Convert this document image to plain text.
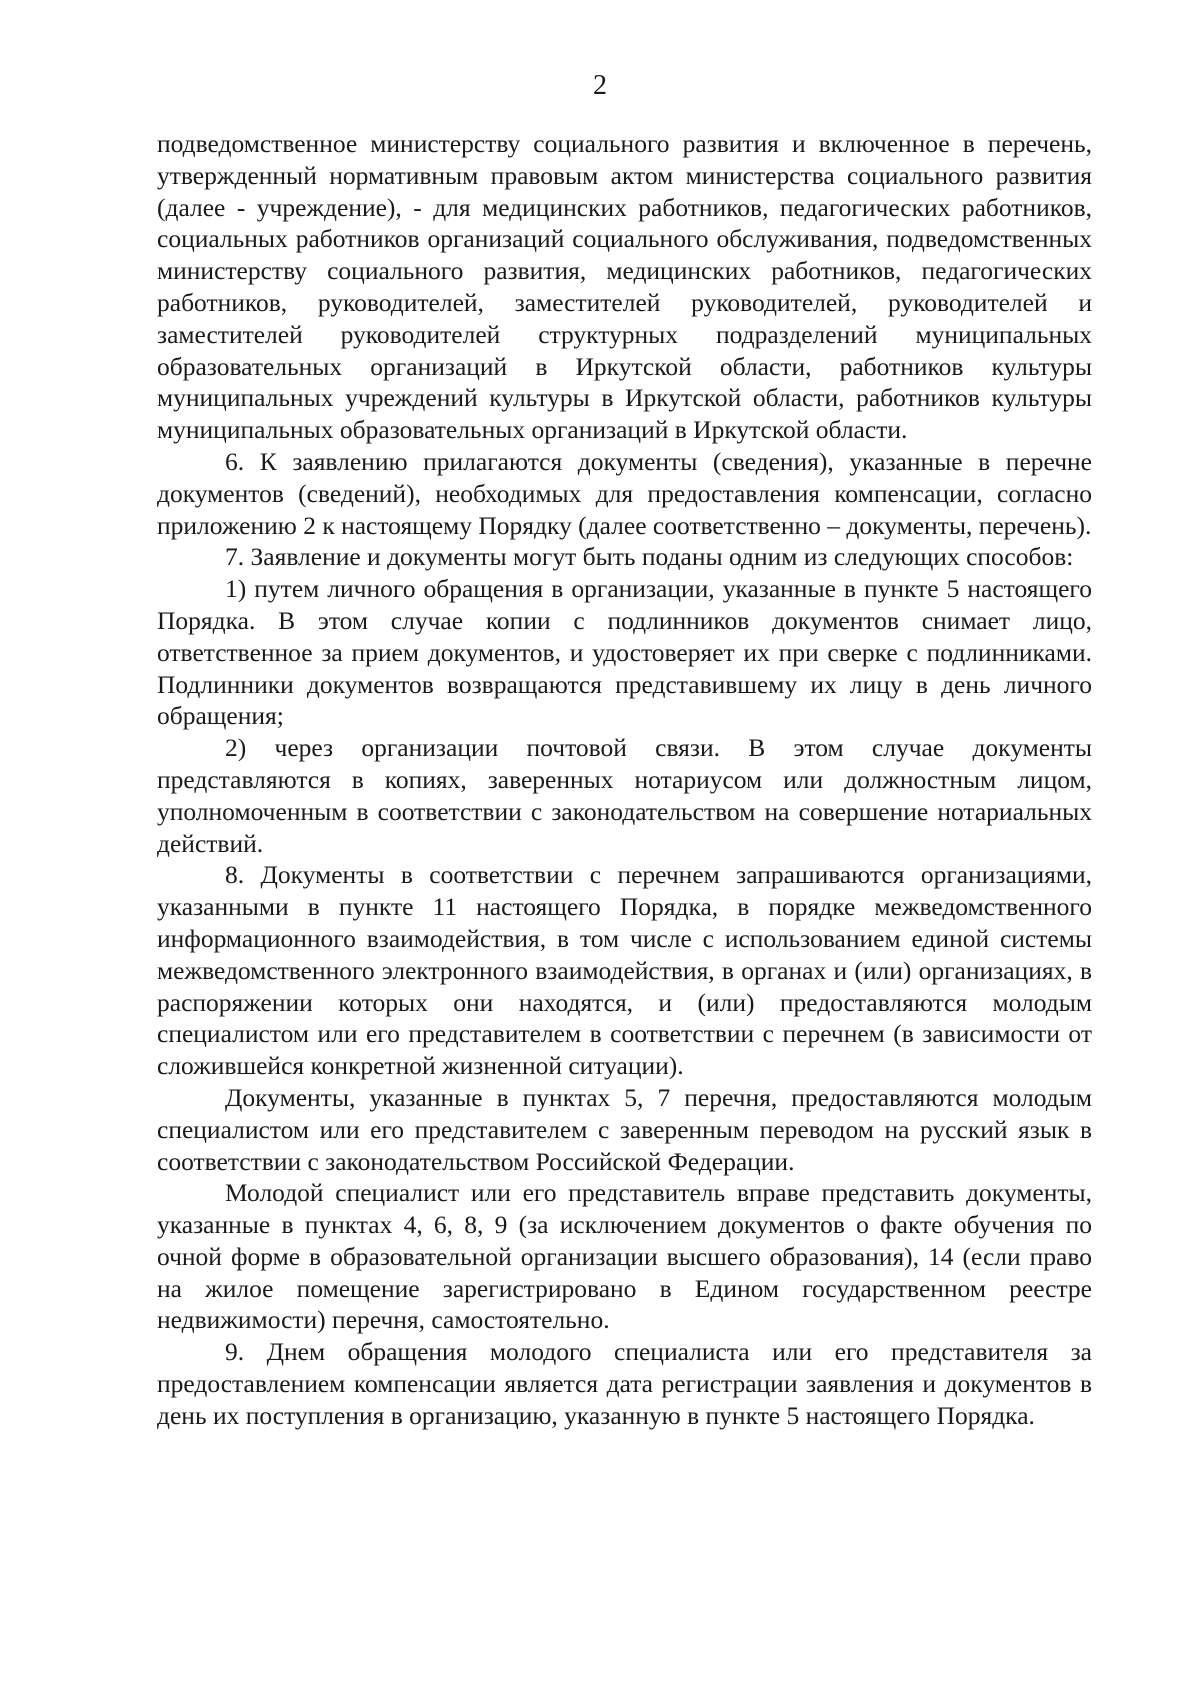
2

подведомственное министерству социального развития и включенное в перечень, утвержденный нормативным правовым актом министерства социального развития (далее - учреждение), - для медицинских работников, педагогических работников, социальных работников организаций социального обслуживания, подведомственных министерству социального развития, медицинских работников, педагогических работников, руководителей, заместителей руководителей, руководителей и заместителей руководителей структурных подразделений муниципальных образовательных организаций в Иркутской области, работников культуры муниципальных учреждений культуры в Иркутской области, работников культуры муниципальных образовательных организаций в Иркутской области.

6. К заявлению прилагаются документы (сведения), указанные в перечне документов (сведений), необходимых для предоставления компенсации, согласно приложению 2 к настоящему Порядку (далее соответственно – документы, перечень).

7. Заявление и документы могут быть поданы одним из следующих способов:

1) путем личного обращения в организации, указанные в пункте 5 настоящего Порядка. В этом случае копии с подлинников документов снимает лицо, ответственное за прием документов, и удостоверяет их при сверке с подлинниками. Подлинники документов возвращаются представившему их лицу в день личного обращения;

2) через организации почтовой связи. В этом случае документы представляются в копиях, заверенных нотариусом или должностным лицом, уполномоченным в соответствии с законодательством на совершение нотариальных действий.

8. Документы в соответствии с перечнем запрашиваются организациями, указанными в пункте 11 настоящего Порядка, в порядке межведомственного информационного взаимодействия, в том числе с использованием единой системы межведомственного электронного взаимодействия, в органах и (или) организациях, в распоряжении которых они находятся, и (или) предоставляются молодым специалистом или его представителем в соответствии с перечнем (в зависимости от сложившейся конкретной жизненной ситуации).

Документы, указанные в пунктах 5, 7 перечня, предоставляются молодым специалистом или его представителем с заверенным переводом на русский язык в соответствии с законодательством Российской Федерации.

Молодой специалист или его представитель вправе представить документы, указанные в пунктах 4, 6, 8, 9 (за исключением документов о факте обучения по очной форме в образовательной организации высшего образования), 14 (если право на жилое помещение зарегистрировано в Едином государственном реестре недвижимости) перечня, самостоятельно.

9. Днем обращения молодого специалиста или его представителя за предоставлением компенсации является дата регистрации заявления и документов в день их поступления в организацию, указанную в пункте 5 настоящего Порядка.
